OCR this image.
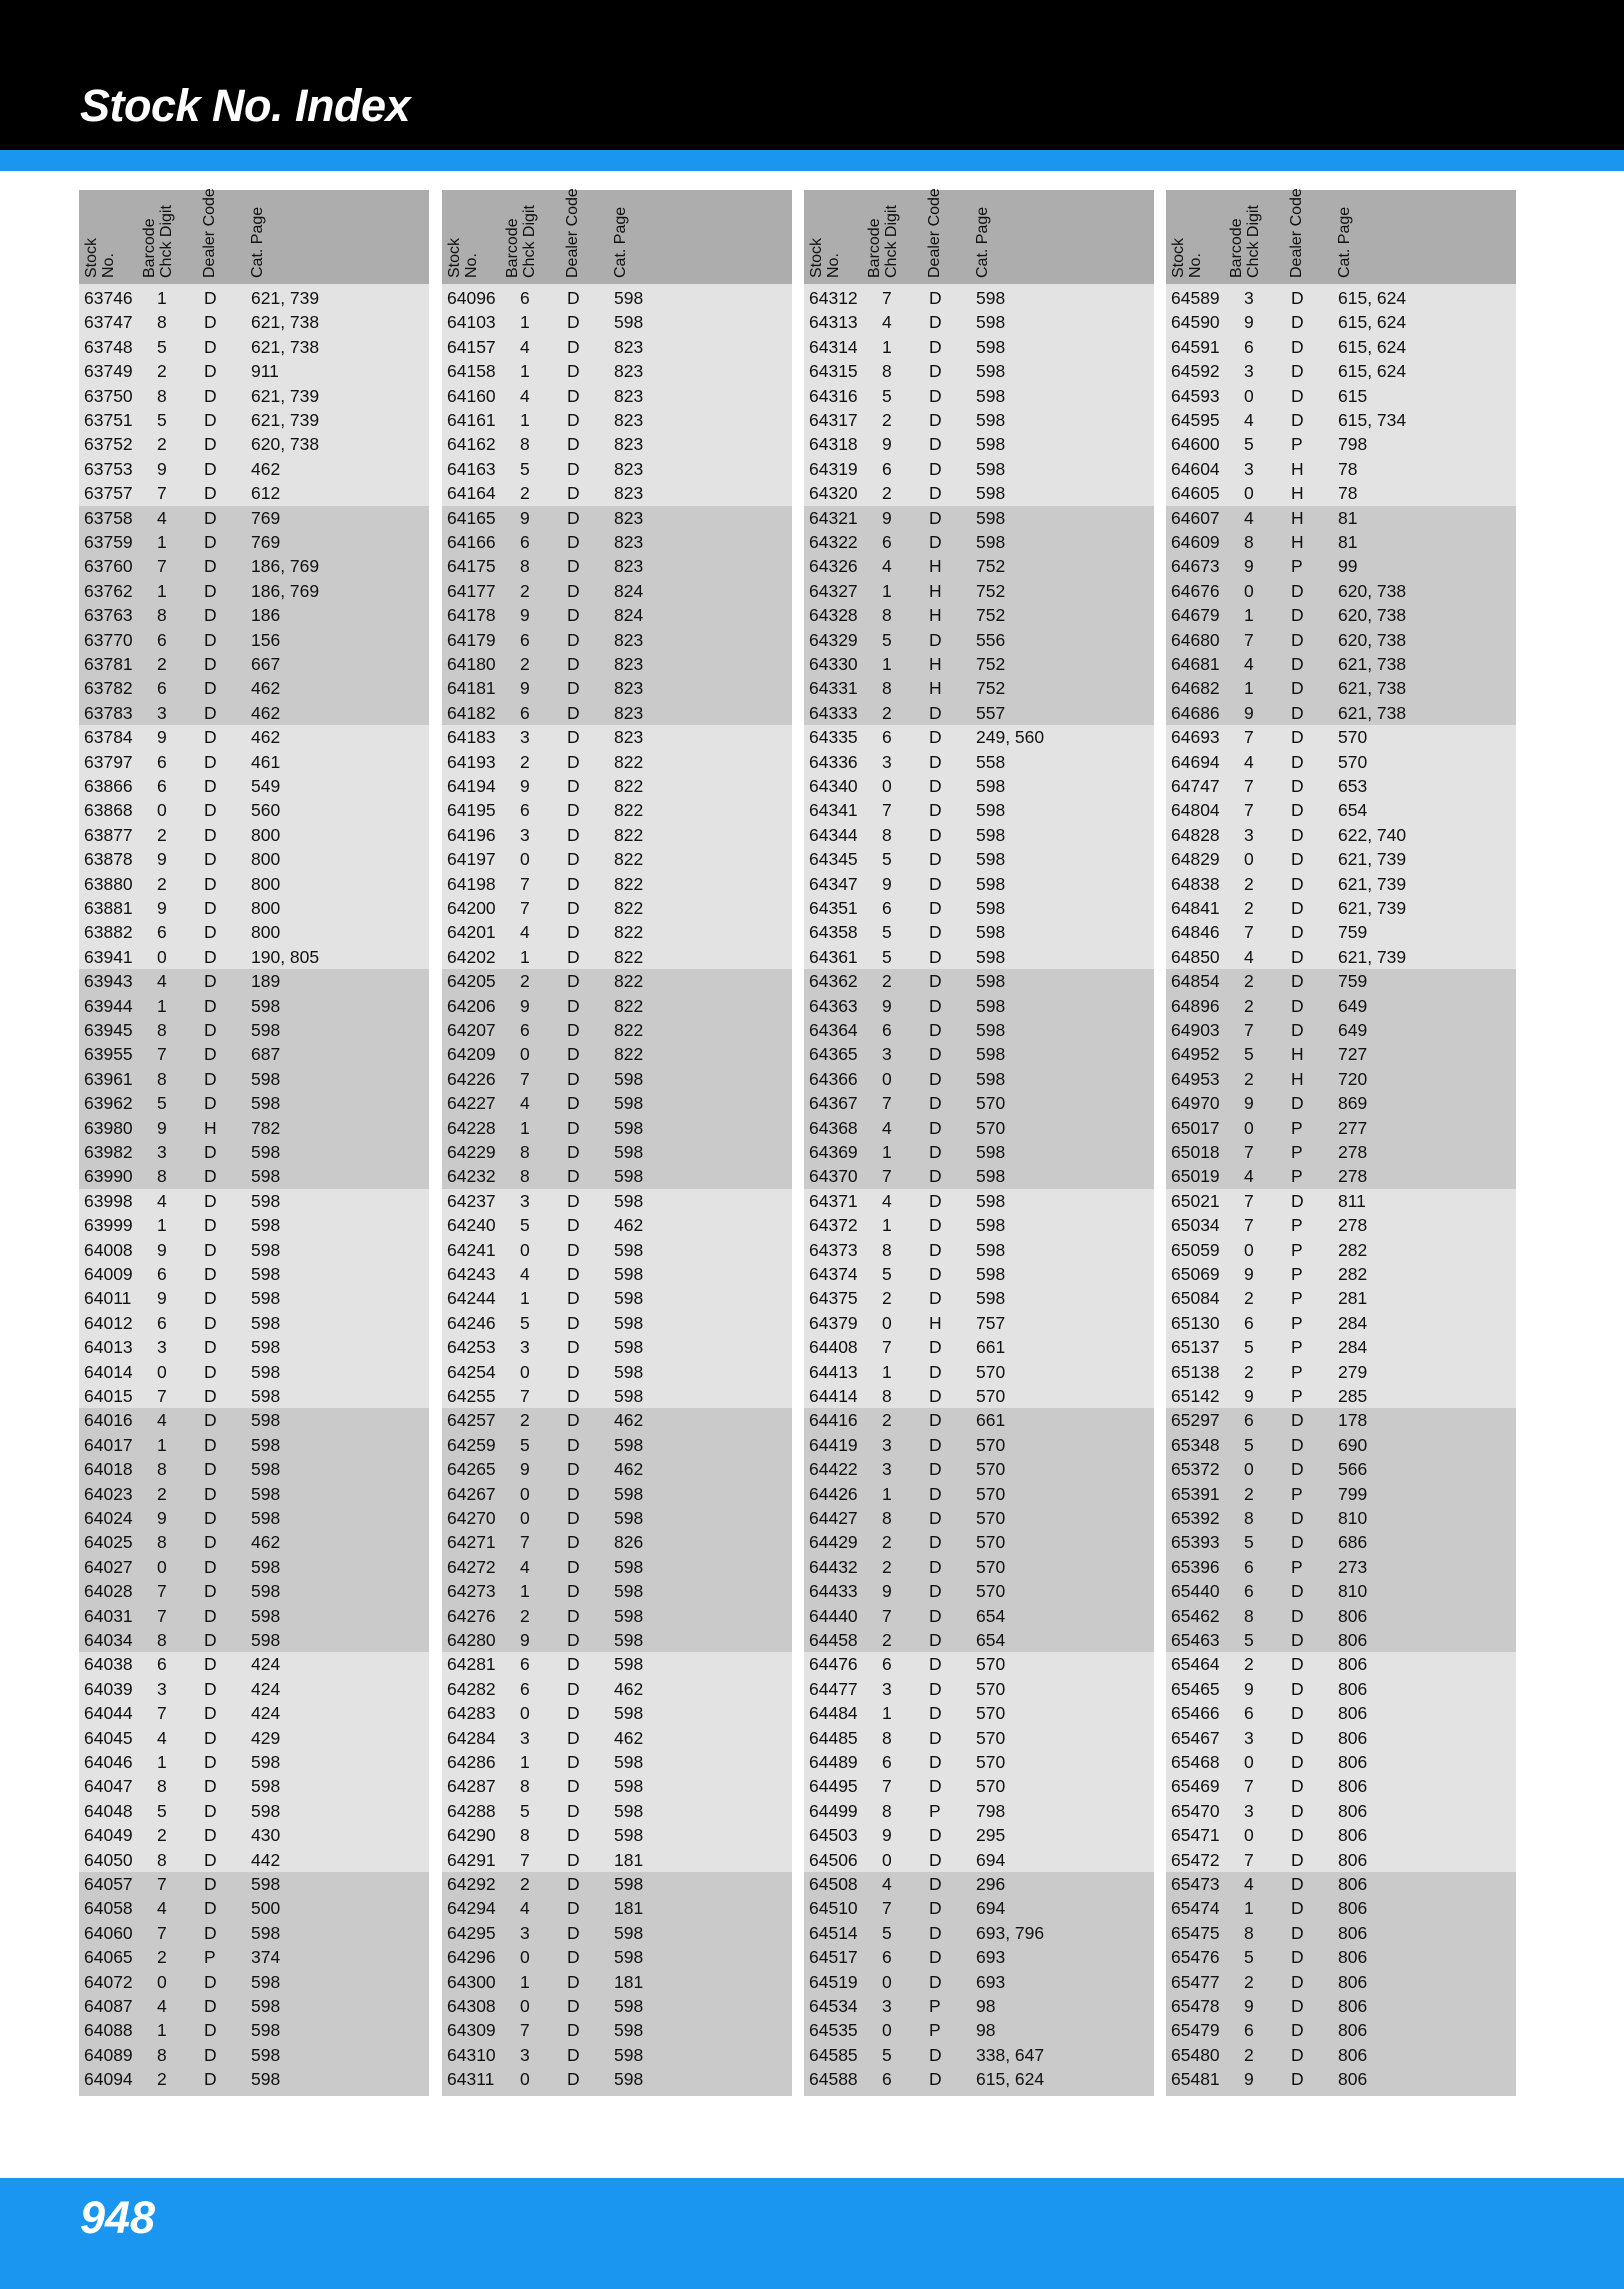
Stock No. Index
Stock
No. Barcode
Chck Digit Dealer Code Cat. Page
63746 1 D 621, 739
63747 8 D 621, 738
63748 5 D 621, 738
63749 2 D 911
63750 8 D 621, 739
63751 5 D 621, 739
63752 2 D 620, 738
63753 9 D 462
63757 7 D 612
63758 4 D 769
63759 1 D 769
63760 7 D 186, 769
63762 1 D 186, 769
63763 8 D 186
63770 6 D 156
63781 2 D 667
63782 6 D 462
63783 3 D 462
63784 9 D 462
63797 6 D 461
63866 6 D 549
63868 0 D 560
63877 2 D 800
63878 9 D 800
63880 2 D 800
63881 9 D 800
63882 6 D 800
63941 0 D 190, 805
63943 4 D 189
63944 1 D 598
63945 8 D 598
63955 7 D 687
63961 8 D 598
63962 5 D 598
63980 9 H 782
63982 3 D 598
63990 8 D 598
63998 4 D 598
63999 1 D 598
64008 9 D 598
64009 6 D 598
64011 9 D 598
64012 6 D 598
64013 3 D 598
64014 0 D 598
64015 7 D 598
64016 4 D 598
64017 1 D 598
64018 8 D 598
64023 2 D 598
64024 9 D 598
64025 8 D 462
64027 0 D 598
64028 7 D 598
64031 7 D 598
64034 8 D 598
64038 6 D 424
64039 3 D 424
64044 7 D 424
64045 4 D 429
64046 1 D 598
64047 8 D 598
64048 5 D 598
64049 2 D 430
64050 8 D 442
64057 7 D 598
64058 4 D 500
64060 7 D 598
64065 2 P 374
64072 0 D 598
64087 4 D 598
64088 1 D 598
64089 8 D 598
64094 2 D 598
Stock
No. Barcode
Chck Digit Dealer Code Cat. Page
64096 6 D 598
64103 1 D 598
64157 4 D 823
64158 1 D 823
64160 4 D 823
64161 1 D 823
64162 8 D 823
64163 5 D 823
64164 2 D 823
64165 9 D 823
64166 6 D 823
64175 8 D 823
64177 2 D 824
64178 9 D 824
64179 6 D 823
64180 2 D 823
64181 9 D 823
64182 6 D 823
64183 3 D 823
64193 2 D 822
64194 9 D 822
64195 6 D 822
64196 3 D 822
64197 0 D 822
64198 7 D 822
64200 7 D 822
64201 4 D 822
64202 1 D 822
64205 2 D 822
64206 9 D 822
64207 6 D 822
64209 0 D 822
64226 7 D 598
64227 4 D 598
64228 1 D 598
64229 8 D 598
64232 8 D 598
64237 3 D 598
64240 5 D 462
64241 0 D 598
64243 4 D 598
64244 1 D 598
64246 5 D 598
64253 3 D 598
64254 0 D 598
64255 7 D 598
64257 2 D 462
64259 5 D 598
64265 9 D 462
64267 0 D 598
64270 0 D 598
64271 7 D 826
64272 4 D 598
64273 1 D 598
64276 2 D 598
64280 9 D 598
64281 6 D 598
64282 6 D 462
64283 0 D 598
64284 3 D 462
64286 1 D 598
64287 8 D 598
64288 5 D 598
64290 8 D 598
64291 7 D 181
64292 2 D 598
64294 4 D 181
64295 3 D 598
64296 0 D 598
64300 1 D 181
64308 0 D 598
64309 7 D 598
64310 3 D 598
64311 0 D 598
Stock
No. Barcode
Chck Digit Dealer Code Cat. Page
64312 7 D 598
64313 4 D 598
64314 1 D 598
64315 8 D 598
64316 5 D 598
64317 2 D 598
64318 9 D 598
64319 6 D 598
64320 2 D 598
64321 9 D 598
64322 6 D 598
64326 4 H 752
64327 1 H 752
64328 8 H 752
64329 5 D 556
64330 1 H 752
64331 8 H 752
64333 2 D 557
64335 6 D 249, 560
64336 3 D 558
64340 0 D 598
64341 7 D 598
64344 8 D 598
64345 5 D 598
64347 9 D 598
64351 6 D 598
64358 5 D 598
64361 5 D 598
64362 2 D 598
64363 9 D 598
64364 6 D 598
64365 3 D 598
64366 0 D 598
64367 7 D 570
64368 4 D 570
64369 1 D 598
64370 7 D 598
64371 4 D 598
64372 1 D 598
64373 8 D 598
64374 5 D 598
64375 2 D 598
64379 0 H 757
64408 7 D 661
64413 1 D 570
64414 8 D 570
64416 2 D 661
64419 3 D 570
64422 3 D 570
64426 1 D 570
64427 8 D 570
64429 2 D 570
64432 2 D 570
64433 9 D 570
64440 7 D 654
64458 2 D 654
64476 6 D 570
64477 3 D 570
64484 1 D 570
64485 8 D 570
64489 6 D 570
64495 7 D 570
64499 8 P 798
64503 9 D 295
64506 0 D 694
64508 4 D 296
64510 7 D 694
64514 5 D 693, 796
64517 6 D 693
64519 0 D 693
64534 3 P 98
64535 0 P 98
64585 5 D 338, 647
64588 6 D 615, 624
Stock
No. Barcode
Chck Digit Dealer Code Cat. Page
64589 3 D 615, 624
64590 9 D 615, 624
64591 6 D 615, 624
64592 3 D 615, 624
64593 0 D 615
64595 4 D 615, 734
64600 5 P 798
64604 3 H 78
64605 0 H 78
64607 4 H 81
64609 8 H 81
64673 9 P 99
64676 0 D 620, 738
64679 1 D 620, 738
64680 7 D 620, 738
64681 4 D 621, 738
64682 1 D 621, 738
64686 9 D 621, 738
64693 7 D 570
64694 4 D 570
64747 7 D 653
64804 7 D 654
64828 3 D 622, 740
64829 0 D 621, 739
64838 2 D 621, 739
64841 2 D 621, 739
64846 7 D 759
64850 4 D 621, 739
64854 2 D 759
64896 2 D 649
64903 7 D 649
64952 5 H 727
64953 2 H 720
64970 9 D 869
65017 0 P 277
65018 7 P 278
65019 4 P 278
65021 7 D 811
65034 7 P 278
65059 0 P 282
65069 9 P 282
65084 2 P 281
65130 6 P 284
65137 5 P 284
65138 2 P 279
65142 9 P 285
65297 6 D 178
65348 5 D 690
65372 0 D 566
65391 2 P 799
65392 8 D 810
65393 5 D 686
65396 6 P 273
65440 6 D 810
65462 8 D 806
65463 5 D 806
65464 2 D 806
65465 9 D 806
65466 6 D 806
65467 3 D 806
65468 0 D 806
65469 7 D 806
65470 3 D 806
65471 0 D 806
65472 7 D 806
65473 4 D 806
65474 1 D 806
65475 8 D 806
65476 5 D 806
65477 2 D 806
65478 9 D 806
65479 6 D 806
65480 2 D 806
65481 9 D 806
948
